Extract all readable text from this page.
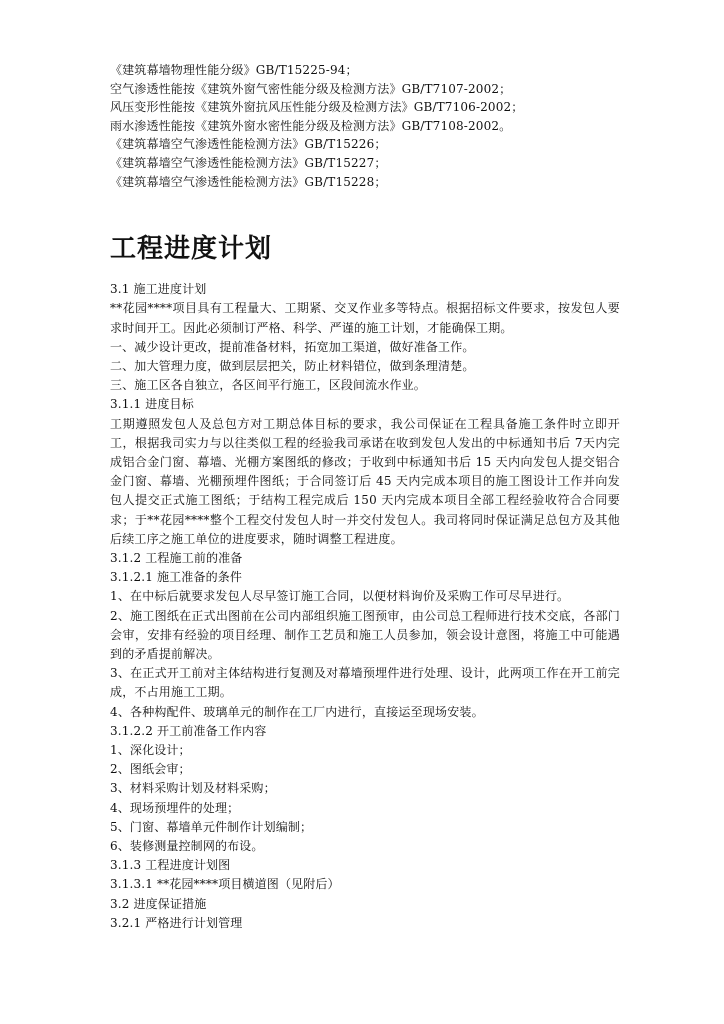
《建筑幕墙物理性能分级》GB/T15225-94；
空气渗透性能按《建筑外窗气密性能分级及检测方法》GB/T7107-2002；
风压变形性能按《建筑外窗抗风压性能分级及检测方法》GB/T7106-2002；
雨水渗透性能按《建筑外窗水密性能分级及检测方法》GB/T7108-2002。
《建筑幕墙空气渗透性能检测方法》GB/T15226；
《建筑幕墙空气渗透性能检测方法》GB/T15227；
《建筑幕墙空气渗透性能检测方法》GB/T15228；
工程进度计划
3.1 施工进度计划
**花园****项目具有工程量大、工期紧、交叉作业多等特点。根据招标文件要求，按发包人要求时间开工。因此必须制订严格、科学、严谨的施工计划，才能确保工期。
一、减少设计更改，提前准备材料，拓宽加工渠道，做好准备工作。
二、加大管理力度，做到层层把关，防止材料错位，做到条理清楚。
三、施工区各自独立，各区间平行施工，区段间流水作业。
3.1.1 进度目标
工期遵照发包人及总包方对工期总体目标的要求，我公司保证在工程具备施工条件时立即开工，根据我司实力与以往类似工程的经验我司承诺在收到发包人发出的中标通知书后 7天内完成铝合金门窗、幕墙、光棚方案图纸的修改；于收到中标通知书后 15 天内向发包人提交铝合金门窗、幕墙、光棚预埋件图纸；于合同签订后 45 天内完成本项目的施工图设计工作并向发包人提交正式施工图纸；于结构工程完成后 150 天内完成本项目全部工程经验收符合合同要求；于**花园****整个工程交付发包人时一并交付发包人。我司将同时保证满足总包方及其他后续工序之施工单位的进度要求，随时调整工程进度。
3.1.2 工程施工前的准备
3.1.2.1 施工准备的条件
1、在中标后就要求发包人尽早签订施工合同，以便材料询价及采购工作可尽早进行。
2、施工图纸在正式出图前在公司内部组织施工图预审，由公司总工程师进行技术交底，各部门会审，安排有经验的项目经理、制作工艺员和施工人员参加，领会设计意图，将施工中可能遇到的矛盾提前解决。
3、在正式开工前对主体结构进行复测及对幕墙预埋件进行处理、设计，此两项工作在开工前完成，不占用施工工期。
4、各种构配件、玻璃单元的制作在工厂内进行，直接运至现场安装。
3.1.2.2 开工前准备工作内容
1、深化设计；
2、图纸会审；
3、材料采购计划及材料采购；
4、现场预埋件的处理；
5、门窗、幕墙单元件制作计划编制；
6、装修测量控制网的布设。
3.1.3 工程进度计划图
3.1.3.1 **花园****项目横道图（见附后）
3.2 进度保证措施
3.2.1 严格进行计划管理
